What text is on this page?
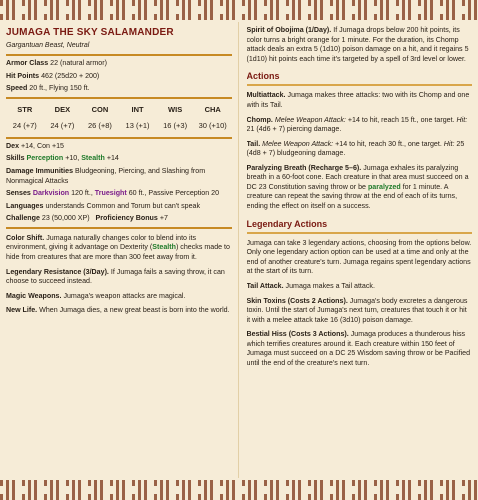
JUMAGA THE SKY SALAMANDER
Gargantuan Beast, Neutral
Armor Class 22 (natural armor)
Hit Points 462 (25d20 + 200)
Speed 20 ft., Flying 150 ft.
STR	DEX	CON	INT	WIS	CHA
24 (+7)	24 (+7)	26 (+8)	13 (+1)	16 (+3)	30 (+10)
Dex +14, Con +15
Skills Perception +10, Stealth +14
Damage Immunities Bludgeoning, Piercing, and Slashing from Nonmagical Attacks
Senses Darkvision 120 ft., Truesight 60 ft., Passive Perception 20
Languages understands Common and Torum but can't speak
Challenge 23 (50,000 XP) Proficiency Bonus +7
Color Shift. Jumaga naturally changes color to blend into its environment, giving it advantage on Dexterity (Stealth) checks made to hide from creatures that are more than 300 feet away from it.
Legendary Resistance (3/Day). If Jumaga fails a saving throw, it can choose to succeed instead.
Magic Weapons. Jumaga's weapon attacks are magical.
New Life. When Jumaga dies, a new great beast is born into the world.
Spirit of Obojima (1/Day). If Jumaga drops below 200 hit points, its color turns a bright orange for 1 minute. For the duration, its Chomp attack deals an extra 5 (1d10) poison damage on a hit, and it regains 5 (1d10) hit points each time it's targeted by a spell of 3rd level or lower.
Actions
Multiattack. Jumaga makes three attacks: two with its Chomp and one with its Tail.
Chomp. Melee Weapon Attack: +14 to hit, reach 15 ft., one target. Hit: 21 (4d6 + 7) piercing damage.
Tail. Melee Weapon Attack: +14 to hit, reach 30 ft., one target. Hit: 25 (4d8 + 7) bludgeoning damage.
Paralyzing Breath (Recharge 5–6). Jumaga exhales its paralyzing breath in a 60-foot cone. Each creature in that area must succeed on a DC 23 Constitution saving throw or be paralyzed for 1 minute. A creature can repeat the saving throw at the end of each of its turns, ending the effect on itself on a success.
Legendary Actions
Jumaga can take 3 legendary actions, choosing from the options below. Only one legendary action option can be used at a time and only at the end of another creature's turn. Jumaga regains spent legendary actions at the start of its turn.
Tail Attack. Jumaga makes a Tail attack.
Skin Toxins (Costs 2 Actions). Jumaga's body excretes a dangerous toxin. Until the start of Jumaga's next turn, creatures that touch it or hit it with a melee attack take 16 (3d10) poison damage.
Bestial Hiss (Costs 3 Actions). Jumaga produces a thunderous hiss which terrifies creatures around it. Each creature within 150 feet of Jumaga must succeed on a DC 25 Wisdom saving throw or be Pacified until the end of the creature's next turn.
